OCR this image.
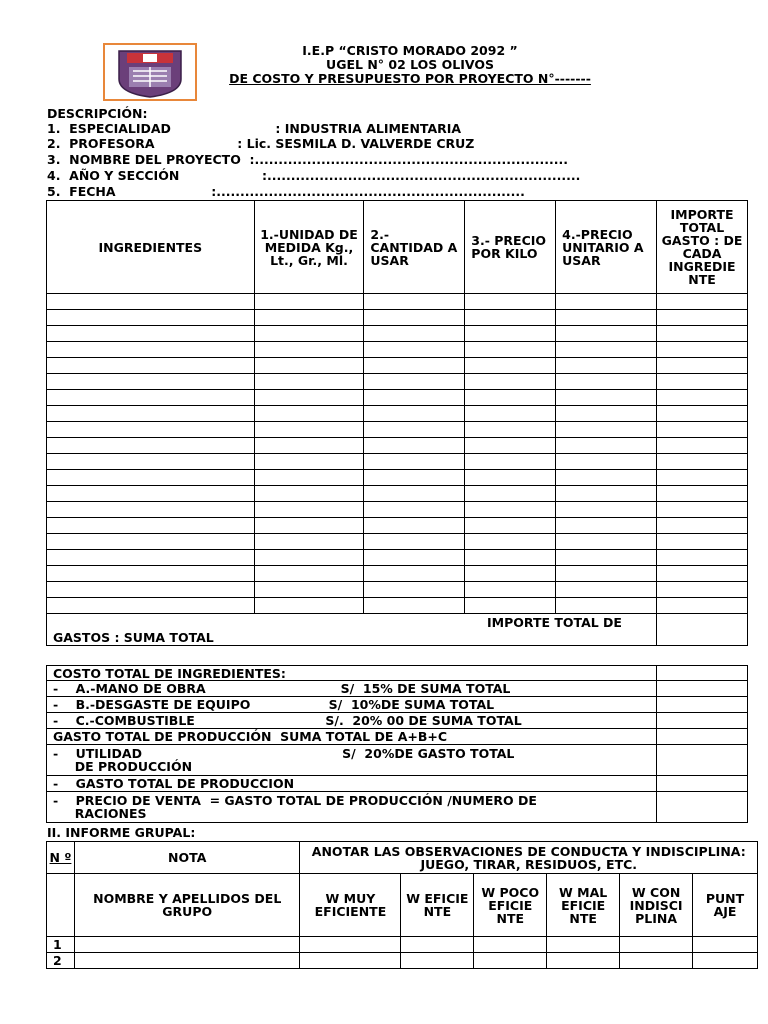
I.E.P “CRISTO MORADO 2092 ”
UGEL N° 02 LOS OLIVOS
DE COSTO Y PRESUPUESTO POR PROYECTO N°-------
DESCRIPCIÓN:
1.  ESPECIALIDAD                        : INDUSTRIA ALIMENTARIA
2.  PROFESORA                   : Lic. SESMILA D. VALVERDE CRUZ
3.  NOMBRE DEL PROYECTO  :..................................................................
4.  AÑO Y SECCIÓN                   :..................................................................
5.  FECHA                      :.................................................................
INGREDIENTES	1.-UNIDAD DE MEDIDA Kg., Lt., Gr., Ml.	2.- CANTIDAD A USAR	3.- PRECIO POR KILO	4.-PRECIO UNITARIO A USAR	IMPORTE TOTAL GASTO : DE CADA INGREDIE NTE

IMPORTE TOTAL DE
GASTOS : SUMA TOTAL					

COSTO TOTAL DE INGREDIENTES:	
-    A.-MANO DE OBRA                               S/  15% DE SUMA TOTAL	
-    B.-DESGASTE DE EQUIPO                  S/  10%DE SUMA TOTAL	
-    C.-COMBUSTIBLE                              S/.  20% 00 DE SUMA TOTAL	
GASTO TOTAL DE PRODUCCIÓN  SUMA TOTAL DE A+B+C	

-    UTILIDAD                                              S/  20%DE GASTO TOTAL
DE PRODUCCIÓN	

-    GASTO TOTAL DE PRODUCCION	

-    PRECIO DE VENTA  = GASTO TOTAL DE PRODUCCIÓN /NUMERO DE
RACIONES	

II. INFORME GRUPAL:
N º	NOTA	ANOTAR LAS OBSERVACIONES DE CONDUCTA Y INDISCIPLINA: JUEGO, TIRAR, RESIDUOS, ETC.					
	NOMBRE Y APELLIDOS DEL GRUPO	W MUY EFICIENTE	W EFICIE NTE	W POCO EFICIE NTE	W MAL EFICIE NTE	W CON INDISCI PLINA	PUNT AJE
1							
2							
